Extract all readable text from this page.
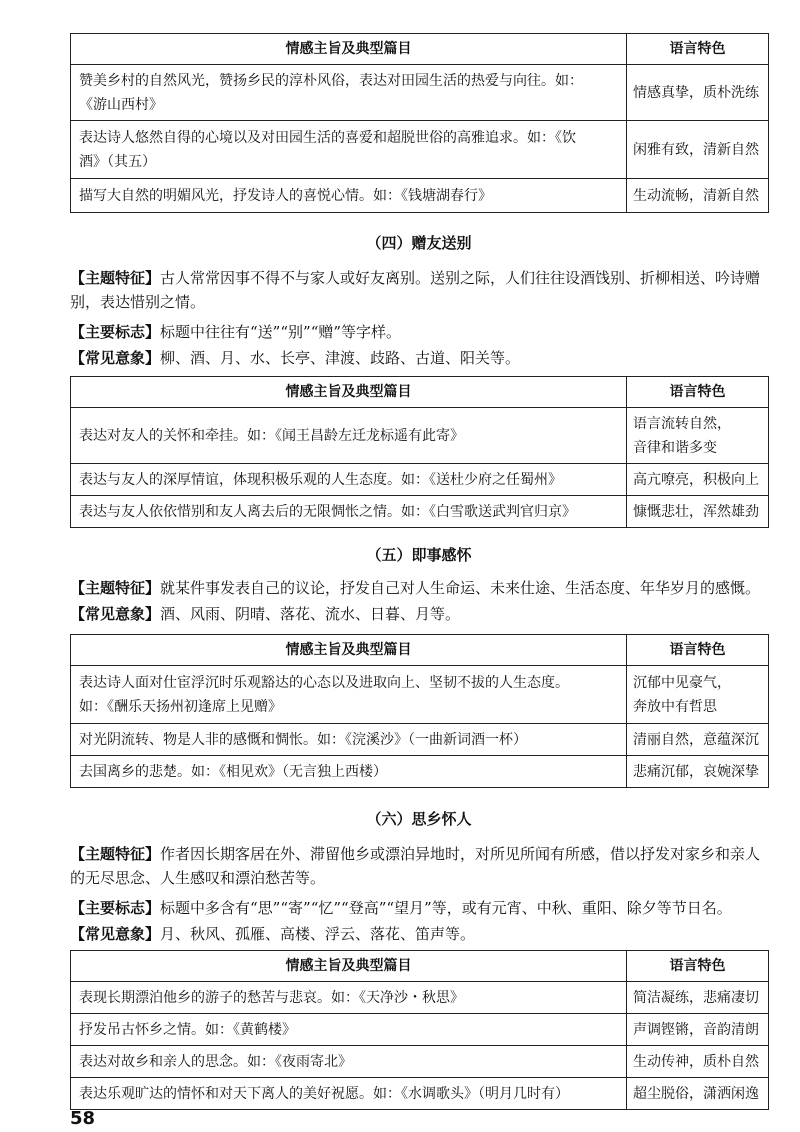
情感主旨及典型篇目	语言特色

赞美乡村的自然风光，赞扬乡民的淳朴风俗，表达对田园生活的热爱与向往。如：
《游山西村》	情感真挚，质朴洗练

表达诗人悠然自得的心境以及对田园生活的喜爱和超脱世俗的高雅追求。如：《饮
酒》（其五）	闲雅有致，清新自然

描写大自然的明媚风光，抒发诗人的喜悦心情。如：《钱塘湖春行》	生动流畅，清新自然
（四）赠友送别
【主题特征】古人常常因事不得不与家人或好友离别。送别之际，人们往往设酒饯别、折柳相送、吟诗赠别，表达惜别之情。
【主要标志】标题中往往有“送”“别”“赠”等字样。
【常见意象】柳、酒、月、水、长亭、津渡、歧路、古道、阳关等。
情感主旨及典型篇目	语言特色

表达对友人的关怀和牵挂。如：《闻王昌龄左迁龙标遥有此寄》	语言流转自然，
音律和谐多变

表达与友人的深厚情谊，体现积极乐观的人生态度。如：《送杜少府之任蜀州》	高亢嘹亮，积极向上

表达与友人依依惜别和友人离去后的无限惆怅之情。如：《白雪歌送武判官归京》	慷慨悲壮，浑然雄劲
（五）即事感怀
【主题特征】就某件事发表自己的议论，抒发自己对人生命运、未来仕途、生活态度、年华岁月的感慨。
【常见意象】酒、风雨、阴晴、落花、流水、日暮、月等。
情感主旨及典型篇目	语言特色

表达诗人面对仕宦浮沉时乐观豁达的心态以及进取向上、坚韧不拔的人生态度。
如：《酬乐天扬州初逢席上见赠》	沉郁中见豪气，
奔放中有哲思

对光阴流转、物是人非的感慨和惆怅。如：《浣溪沙》（一曲新词酒一杯）	清丽自然，意蕴深沉

去国离乡的悲楚。如：《相见欢》（无言独上西楼）	悲痛沉郁，哀婉深挚
（六）思乡怀人
【主题特征】作者因长期客居在外、滞留他乡或漂泊异地时，对所见所闻有所感，借以抒发对家乡和亲人的无尽思念、人生感叹和漂泊愁苦等。
【主要标志】标题中多含有“思”“寄”“忆”“登高”“望月”等，或有元宵、中秋、重阳、除夕等节日名。
【常见意象】月、秋风、孤雁、高楼、浮云、落花、笛声等。
情感主旨及典型篇目	语言特色

表现长期漂泊他乡的游子的愁苦与悲哀。如：《天净沙・秋思》	简洁凝练，悲痛凄切

抒发吊古怀乡之情。如：《黄鹤楼》	声调铿锵，音韵清朗

表达对故乡和亲人的思念。如：《夜雨寄北》	生动传神，质朴自然

表达乐观旷达的情怀和对天下离人的美好祝愿。如：《水调歌头》（明月几时有）	超尘脱俗，潇洒闲逸
58
